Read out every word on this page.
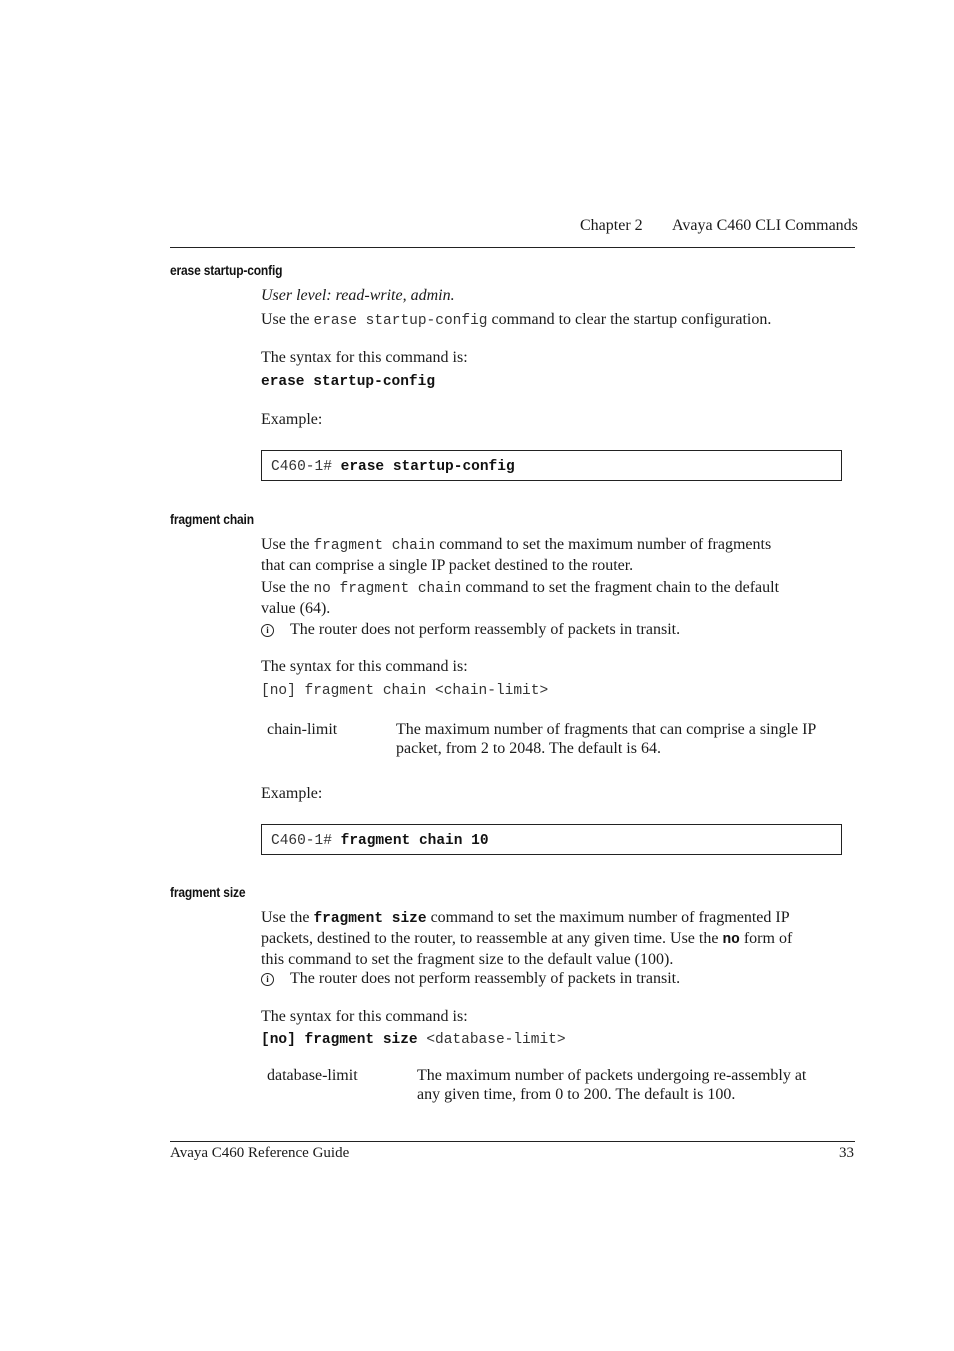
Chapter 2 Avaya C460 CLI Commands
erase startup-config
User level: read-write, admin.
Use the erase startup-config command to clear the startup configuration.
The syntax for this command is:
erase startup-config
Example:
C460-1# erase startup-config
fragment chain
Use the fragment chain command to set the maximum number of fragments
that can comprise a single IP packet destined to the router.
Use the no fragment chain command to set the fragment chain to the default
value (64).
i The router does not perform reassembly of packets in transit.
The syntax for this command is:
[no] fragment chain <chain-limit>
chain-limit	The maximum number of fragments that can comprise a single IP
packet, from 2 to 2048. The default is 64.
Example:
C460-1# fragment chain 10
fragment size
Use the fragment size command to set the maximum number of fragmented IP
packets, destined to the router, to reassemble at any given time. Use the no form of
this command to set the fragment size to the default value (100).
i The router does not perform reassembly of packets in transit.
The syntax for this command is:
[no] fragment size <database-limit>
database-limit	The maximum number of packets undergoing re-assembly at
any given time, from 0 to 200. The default is 100.
Avaya C460 Reference Guide	33
